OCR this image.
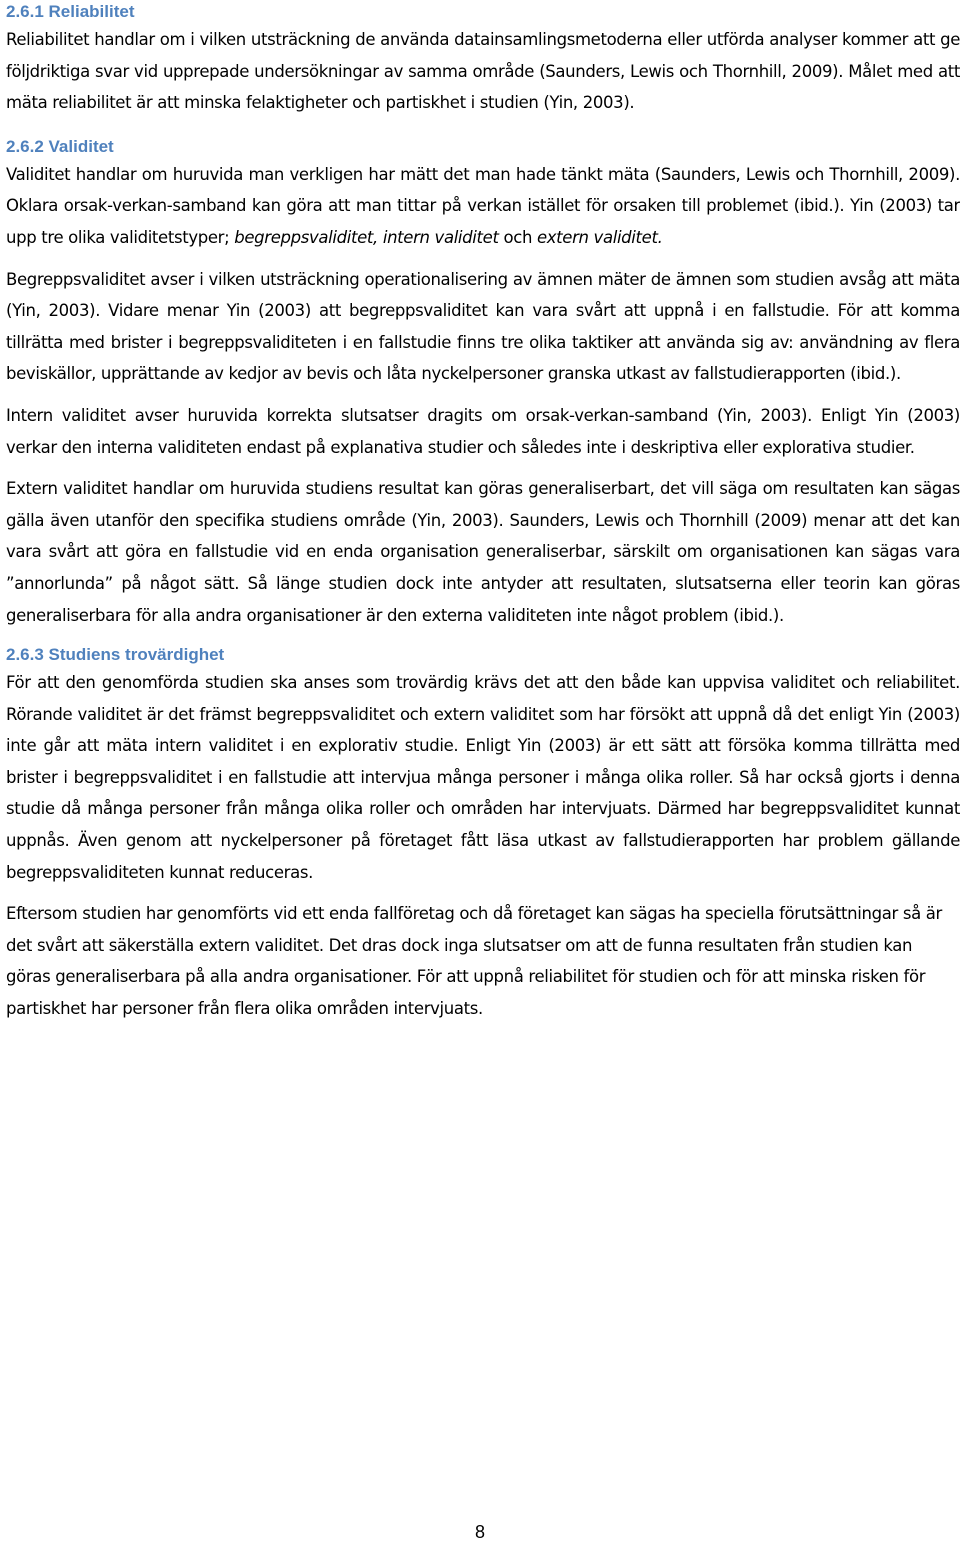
2.6.1 Reliabilitet

Reliabilitet handlar om i vilken utsträckning de använda datainsamlingsmetoderna eller utförda analyser kommer att ge följdriktiga svar vid upprepade undersökningar av samma område (Saunders, Lewis och Thornhill, 2009). Målet med att mäta reliabilitet är att minska felaktigheter och partiskhet i studien (Yin, 2003).

2.6.2 Validitet

Validitet handlar om huruvida man verkligen har mätt det man hade tänkt mäta (Saunders, Lewis och Thornhill, 2009). Oklara orsak-verkan-samband kan göra att man tittar på verkan istället för orsaken till problemet (ibid.). Yin (2003) tar upp tre olika validitetstyper; begreppsvaliditet, intern validitet och extern validitet.

Begreppsvaliditet avser i vilken utsträckning operationalisering av ämnen mäter de ämnen som studien avsåg att mäta (Yin, 2003). Vidare menar Yin (2003) att begreppsvaliditet kan vara svårt att uppnå i en fallstudie. För att komma tillrätta med brister i begreppsvaliditeten i en fallstudie finns tre olika taktiker att använda sig av: användning av flera beviskällor, upprättande av kedjor av bevis och låta nyckelpersoner granska utkast av fallstudierapporten (ibid.).

Intern validitet avser huruvida korrekta slutsatser dragits om orsak-verkan-samband (Yin, 2003). Enligt Yin (2003) verkar den interna validiteten endast på explanativa studier och således inte i deskriptiva eller explorativa studier.

Extern validitet handlar om huruvida studiens resultat kan göras generaliserbart, det vill säga om resultaten kan sägas gälla även utanför den specifika studiens område (Yin, 2003). Saunders, Lewis och Thornhill (2009) menar att det kan vara svårt att göra en fallstudie vid en enda organisation generaliserbar, särskilt om organisationen kan sägas vara ”annorlunda” på något sätt. Så länge studien dock inte antyder att resultaten, slutsatserna eller teorin kan göras generaliserbara för alla andra organisationer är den externa validiteten inte något problem (ibid.).

2.6.3 Studiens trovärdighet

För att den genomförda studien ska anses som trovärdig krävs det att den både kan uppvisa validitet och reliabilitet. Rörande validitet är det främst begreppsvaliditet och extern validitet som har försökt att uppnå då det enligt Yin (2003) inte går att mäta intern validitet i en explorativ studie. Enligt Yin (2003) är ett sätt att försöka komma tillrätta med brister i begreppsvaliditet i en fallstudie att intervjua många personer i många olika roller. Så har också gjorts i denna studie då många personer från många olika roller och områden har intervjuats. Därmed har begreppsvaliditet kunnat uppnås. Även genom att nyckelpersoner på företaget fått läsa utkast av fallstudierapporten har problem gällande begreppsvaliditeten kunnat reduceras.

Eftersom studien har genomförts vid ett enda fallföretag och då företaget kan sägas ha speciella förutsättningar så är det svårt att säkerställa extern validitet. Det dras dock inga slutsatser om att de funna resultaten från studien kan göras generaliserbara på alla andra organisationer. För att uppnå reliabilitet för studien och för att minska risken för partiskhet har personer från flera olika områden intervjuats.

8
